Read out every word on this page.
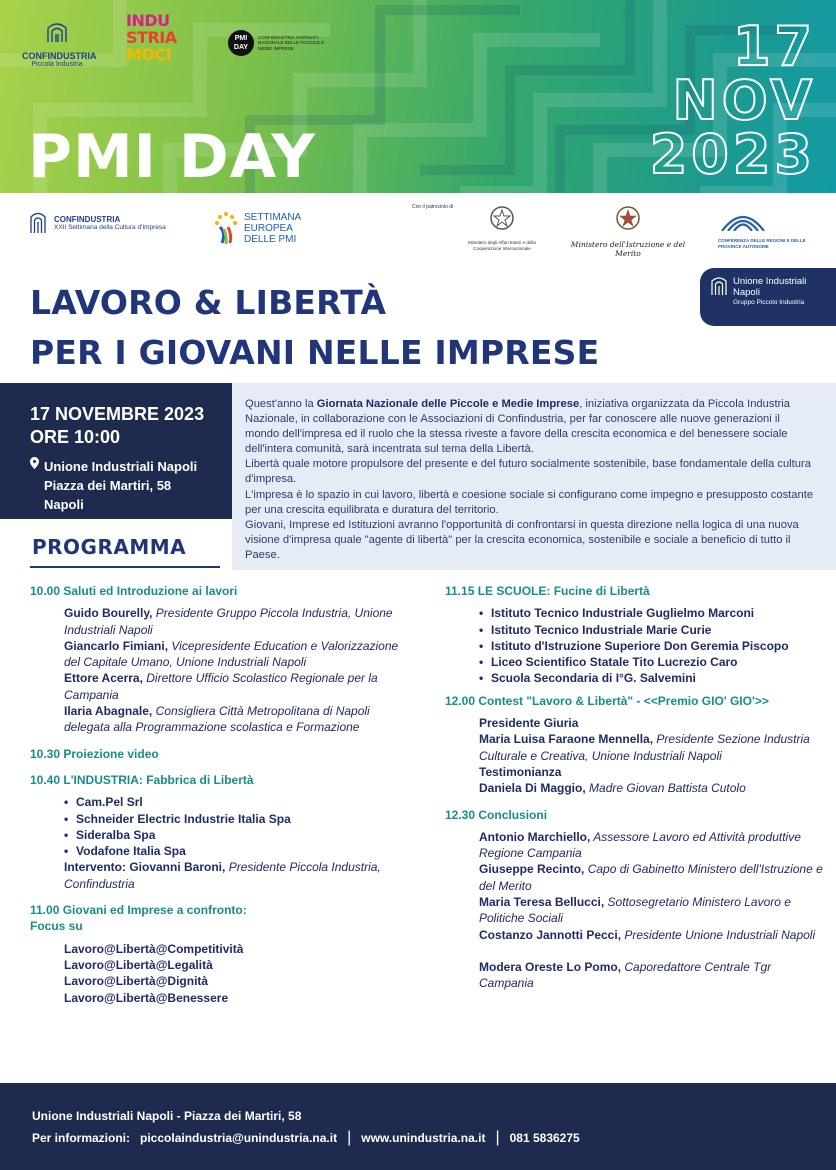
CONFINDUSTRIA
Piccola Industria
INDU
STRIA
MOCI
PMI DAY
CONFINDUSTRIA GIORNATA NAZIONALE DELLE PICCOLE E MEDIE IMPRESE	17
NOV
2023
PMI DAY
CONFINDUSTRIA
XXII Settimana della Cultura d'Impresa
SETTIMANA
EUROPEA
DELLE PMI
Con il patrocinio di
Ministero degli Affari Esteri e della Cooperazione Internazionale	Ministero dell'Istruzione e del Merito
CONFERENZA DELLE REGIONI E DELLE PROVINCE AUTONOME
Unione Industriali
Napoli
Gruppo Piccolo Industria
LAVORO & LIBERTÀ
PER I GIOVANI NELLE IMPRESE
17 NOVEMBRE 2023
ORE 10:00
Unione Industriali Napoli
Piazza dei Martiri, 58
Napoli
Quest'anno la Giornata Nazionale delle Piccole e Medie Imprese, iniziativa organizzata da Piccola Industria Nazionale, in collaborazione con le Associazioni di Confindustria, per far conoscere alle nuove generazioni il mondo dell'impresa ed il ruolo che la stessa riveste a favore della crescita economica e del benessere sociale dell'intera comunità, sarà incentrata sul tema della Libertà.
Libertà quale motore propulsore del presente e del futuro socialmente sostenibile, base fondamentale della cultura d'impresa.
L'impresa è lo spazio in cui lavoro, libertà e coesione sociale si configurano come impegno e presupposto costante per una crescita equilibrata e duratura del territorio.
Giovani, Imprese ed Istituzioni avranno l'opportunità di confrontarsi in questa direzione nella logica di una nuova visione d'impresa quale "agente di libertà" per la crescita economica, sostenibile e sociale a beneficio di tutto il Paese.
PROGRAMMA
10.00 Saluti ed Introduzione ai lavori
Guido Bourelly, Presidente Gruppo Piccola Industria, Unione Industriali Napoli
Giancarlo Fimiani, Vicepresidente Education e Valorizzazione del Capitale Umano, Unione Industriali Napoli
Ettore Acerra, Direttore Ufficio Scolastico Regionale per la Campania
Ilaria Abagnale, Consigliera Città Metropolitana di Napoli delegata alla Programmazione scolastica e Formazione
10.30 Proiezione video
10.40 L'INDUSTRIA: Fabbrica di Libertà
• Cam.Pel Srl
• Schneider Electric Industrie Italia Spa
• Sideralba Spa
• Vodafone Italia Spa
Intervento: Giovanni Baroni, Presidente Piccola Industria, Confindustria
11.00 Giovani ed Imprese a confronto:
Focus su
Lavoro@Libertà@Competitività
Lavoro@Libertà@Legalità
Lavoro@Libertà@Dignità
Lavoro@Libertà@Benessere
11.15 LE SCUOLE: Fucine di Libertà
• Istituto Tecnico Industriale Guglielmo Marconi
• Istituto Tecnico Industriale Marie Curie
• Istituto d'Istruzione Superiore Don Geremia Piscopo
• Liceo Scientifico Statale Tito Lucrezio Caro
• Scuola Secondaria di I°G. Salvemini
12.00 Contest "Lavoro & Libertà" - <<Premio GIO' GIO'>>
Presidente Giuria
Maria Luisa Faraone Mennella, Presidente Sezione Industria Culturale e Creativa, Unione Industriali Napoli
Testimonianza
Daniela Di Maggio, Madre Giovan Battista Cutolo
12.30 Conclusioni
Antonio Marchiello, Assessore Lavoro ed Attività produttive Regione Campania
Giuseppe Recinto, Capo di Gabinetto Ministero dell'Istruzione e del Merito
Maria Teresa Bellucci, Sottosegretario Ministero Lavoro e Politiche Sociali
Costanzo Jannotti Pecci, Presidente Unione Industriali Napoli
Modera Oreste Lo Pomo, Caporedattore Centrale Tgr Campania
Unione Industriali Napoli - Piazza dei Martiri, 58
Per informazioni: piccolaindustria@unindustria.na.it | www.unindustria.na.it | 081 5836275
